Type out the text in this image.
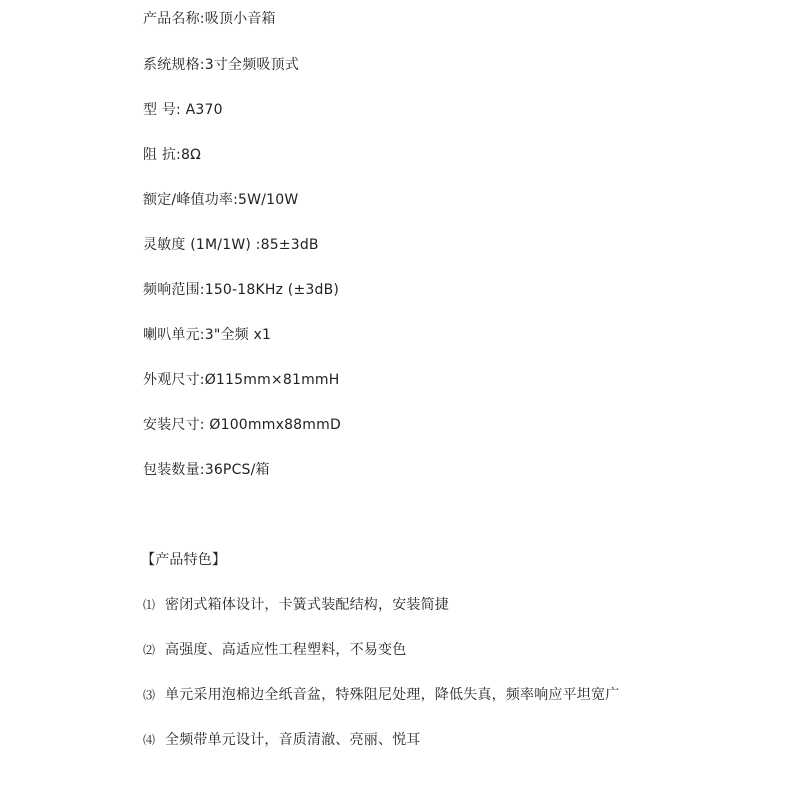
产品名称:吸顶小音箱
系统规格:3寸全频吸顶式
型 号: A370
阻 抗:8Ω
额定/峰值功率:5W/10W
灵敏度 (1M/1W) :85±3dB
频响范围:150-18KHz (±3dB)
喇叭单元:3"全频 x1
外观尺寸:Ø115mm×81mmH
安装尺寸: Ø100mmx88mmD
包装数量:36PCS/箱
【产品特色】
⑴ 密闭式箱体设计，卡簧式装配结构，安装简捷
⑵ 高强度、高适应性工程塑料，不易变色
⑶ 单元采用泡棉边全纸音盆，特殊阻尼处理，降低失真，频率响应平坦宽广
⑷ 全频带单元设计，音质清澈、亮丽、悦耳
